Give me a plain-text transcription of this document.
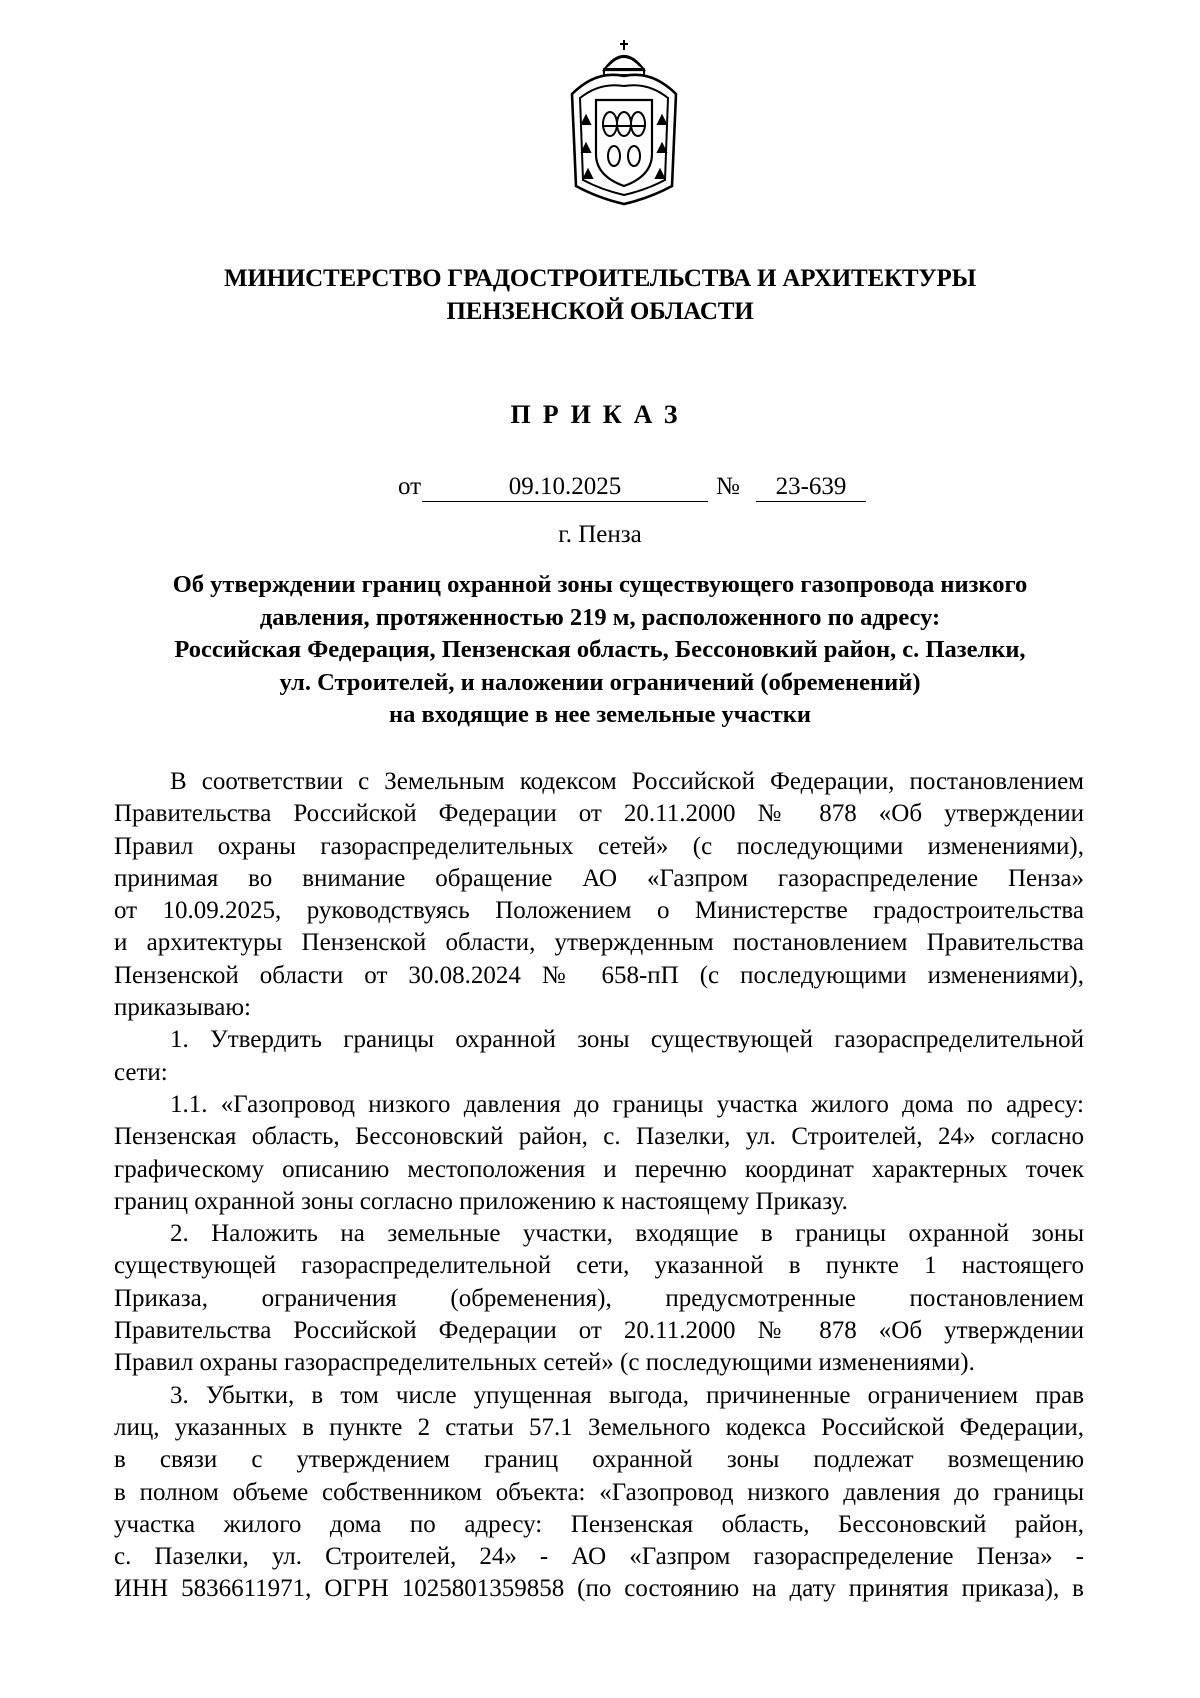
МИНИСТЕРСТВО ГРАДОСТРОИТЕЛЬСТВА И АРХИТЕКТУРЫ
ПЕНЗЕНСКОЙ ОБЛАСТИ
ПРИКАЗ
от	09.10.2025	№	23-639
г. Пенза
Об утверждении границ охранной зоны существующего газопровода низкого
давления, протяженностью 219 м, расположенного по адресу:
Российская Федерация, Пензенская область, Бессоновкий район, с. Пазелки,
ул. Строителей, и наложении ограничений (обременений)
на входящие в нее земельные участки
В соответствии с Земельным кодексом Российской Федерации, постановлением
Правительства Российской Федерации от 20.11.2000 № 878 «Об утверждении
Правил охраны газораспределительных сетей» (с последующими изменениями),
принимая во внимание обращение АО «Газпром газораспределение Пенза»
от 10.09.2025, руководствуясь Положением о Министерстве градостроительства
и архитектуры Пензенской области, утвержденным постановлением Правительства
Пензенской области от 30.08.2024 № 658-пП (с последующими изменениями),
приказываю:
1. Утвердить границы охранной зоны существующей газораспределительной
сети:
1.1. «Газопровод низкого давления до границы участка жилого дома по адресу:
Пензенская область, Бессоновский район, с. Пазелки, ул. Строителей, 24» согласно
графическому описанию местоположения и перечню координат характерных точек
границ охранной зоны согласно приложению к настоящему Приказу.
2. Наложить на земельные участки, входящие в границы охранной зоны
существующей газораспределительной сети, указанной в пункте 1 настоящего
Приказа, ограничения (обременения), предусмотренные постановлением
Правительства Российской Федерации от 20.11.2000 № 878 «Об утверждении
Правил охраны газораспределительных сетей» (с последующими изменениями).
3. Убытки, в том числе упущенная выгода, причиненные ограничением прав
лиц, указанных в пункте 2 статьи 57.1 Земельного кодекса Российской Федерации,
в связи с утверждением границ охранной зоны подлежат возмещению
в полном объеме собственником объекта: «Газопровод низкого давления до границы
участка жилого дома по адресу: Пензенская область, Бессоновский район,
с. Пазелки, ул. Строителей, 24» - АО «Газпром газораспределение Пенза» -
ИНН 5836611971, ОГРН 1025801359858 (по состоянию на дату принятия приказа), в
